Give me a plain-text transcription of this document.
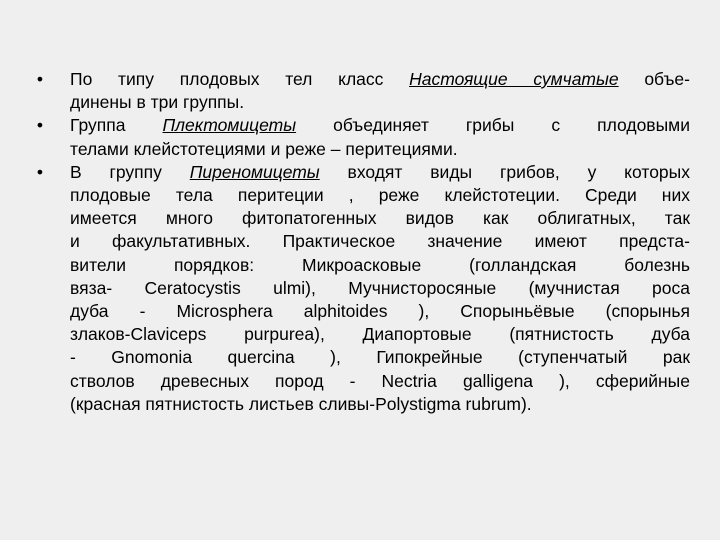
•	По типу плодовых тел класс Настоящие сумчатые объе-
динены в три группы.
•	Группа Плектомицеты объединяет грибы с плодовыми
телами клейстотециями и реже – перитециями.
•	В группу Пиреномицеты входят виды грибов, у которых
плодовые тела перитеции , реже клейстотеции. Среди них
имеется много фитопатогенных видов как облигатных, так
и факультативных. Практическое значение имеют предста-
вители порядков: Микроасковые (голландская болезнь
вяза- Ceratocystis ulmi), Мучнисторосяные (мучнистая роса
дуба - Microsphera alphitoides ), Спорыньёвые (спорынья
злаков-Claviceps purpurea), Диапортовые (пятнистость дуба
- Gnomonia quercina ), Гипокрейные (ступенчатый рак
стволов древесных пород - Nectria galligena ), сферийные
(красная пятнистость листьев сливы-Polystigma rubrum).
